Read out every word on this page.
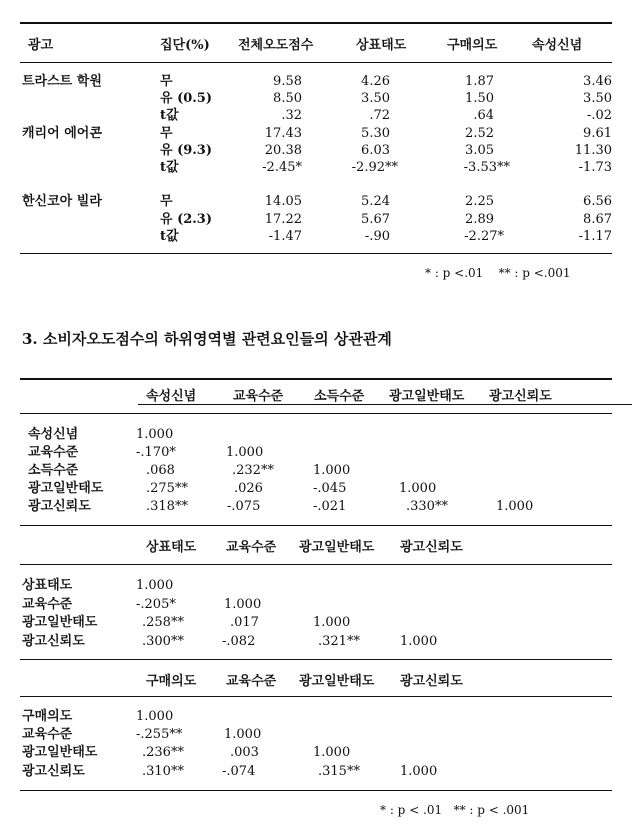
광고	집단(%) 전체오도점수	상표태도	구매의도	속성신념
트라스트 학원	무	9.58	4.26	1.87	3.46
유 (0.5)	8.50	3.50	1.50	3.50
t값	.32	.72	.64	-.02
캐리어 에어콘	무	17.43	5.30	2.52	9.61
유 (9.3)	20.38	6.03	3.05	11.30
t값	-2.45*	-2.92**	-3.53**	-1.73
한신코아 빌라	무	14.05	5.24	2.25	6.56
유 (2.3)	17.22	5.67	2.89	8.67
t값	-1.47	-.90	-2.27*	-1.17
* : p <.01    ** : p <.001
3. 소비자오도점수의 하위영역별 관련요인들의 상관관계
속성신념	교육수준 소득수준 광고일반태도 광고신뢰도
속성신념	1.000
교육수준	-.170*	1.000
소득수준	.068	.232**	1.000
광고일반태도	.275**	.026	-.045	1.000
광고신뢰도	.318**	-.075	-.021	.330**	1.000
상표태도 교육수준 광고일반태도 광고신뢰도
상표태도	1.000
교육수준	-.205*	1.000
광고일반태도	.258**	.017	1.000
광고신뢰도	.300**	-.082	.321**	1.000
구매의도 교육수준 광고일반태도 광고신뢰도
구매의도	1.000
교육수준	-.255**	1.000
광고일반태도	.236**	.003	1.000
광고신뢰도	.310**	-.074	.315**	1.000
* : p < .01   ** : p < .001
